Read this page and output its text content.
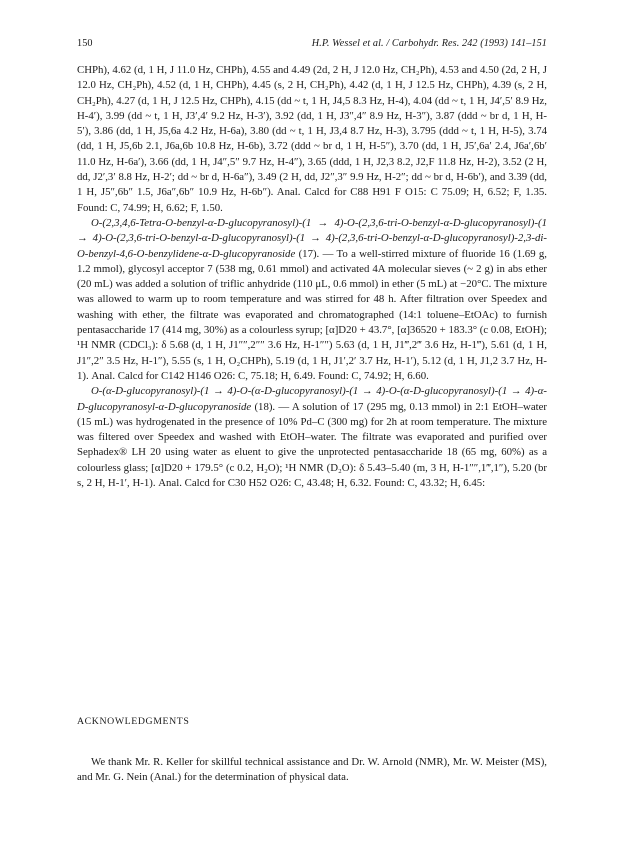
150	H.P. Wessel et al. / Carbohydr. Res. 242 (1993) 141–151

CHPh), 4.62 (d, 1 H, J 11.0 Hz, CHPh), 4.55 and 4.49 (2d, 2 H, J 12.0 Hz, CH₂Ph), 4.53 and 4.50 (2d, 2 H, J 12.0 Hz, CH₂Ph), 4.52 (d, 1 H, CHPh), 4.45 (s, 2 H, CH₂Ph), 4.42 (d, 1 H, J 12.5 Hz, CHPh), 4.39 (s, 2 H, CH₂Ph), 4.27 (d, 1 H, J 12.5 Hz, CHPh), 4.15 (dd ~ t, 1 H, J4,5 8.3 Hz, H-4), 4.04 (dd ~ t, 1 H, J4′,5′ 8.9 Hz, H-4′), 3.99 (dd ~ t, 1 H, J3′,4′ 9.2 Hz, H-3′), 3.92 (dd, 1 H, J3″,4″ 8.9 Hz, H-3″), 3.87 (ddd ~ br d, 1 H, H-5′), 3.86 (dd, 1 H, J5,6a 4.2 Hz, H-6a), 3.80 (dd ~ t, 1 H, J3,4 8.7 Hz, H-3), 3.795 (ddd ~ t, 1 H, H-5), 3.74 (dd, 1 H, J5,6b 2.1, J6a,6b 10.8 Hz, H-6b), 3.72 (ddd ~ br d, 1 H, H-5″), 3.70 (dd, 1 H, J5′,6a′ 2.4, J6a′,6b′ 11.0 Hz, H-6a′), 3.66 (dd, 1 H, J4″,5″ 9.7 Hz, H-4″), 3.65 (ddd, 1 H, J2,3 8.2, J2,F 11.8 Hz, H-2), 3.52 (2 H, dd, J2′,3′ 8.8 Hz, H-2′; dd ~ br d, H-6a″), 3.49 (2 H, dd, J2″,3″ 9.9 Hz, H-2″; dd ~ br d, H-6b′), and 3.39 (dd, 1 H, J5″,6b″ 1.5, J6a″,6b″ 10.9 Hz, H-6b″). Anal. Calcd for C88 H91 F O15: C 75.09; H, 6.52; F, 1.35. Found: C, 74.99; H, 6.62; F, 1.50.

O-(2,3,4,6-Tetra-O-benzyl-α-D-glucopyranosyl)-(1 → 4)-O-(2,3,6-tri-O-benzyl-α-D-glucopyranosyl)-(1 → 4)-O-(2,3,6-tri-O-benzyl-α-D-glucopyranosyl)-(1 → 4)-(2,3,6-tri-O-benzyl-α-D-glucopyranosyl)-2,3-di-O-benzyl-4,6-O-benzylidene-α-D-glucopyranoside (17). — To a well-stirred mixture of fluoride 16 (1.69 g, 1.2 mmol), glycosyl acceptor 7 (538 mg, 0.61 mmol) and activated 4A molecular sieves (~ 2 g) in abs ether (20 mL) was added a solution of triflic anhydride (110 μL, 0.6 mmol) in ether (5 mL) at −20°C. The mixture was allowed to warm up to room temperature and was stirred for 48 h. After filtration over Speedex and washing with ether, the filtrate was evaporated and chromatographed (14:1 toluene–EtOAc) to furnish pentasaccharide 17 (414 mg, 30%) as a colourless syrup; [α]D20 + 43.7°, [α]36520 + 183.3° (c 0.08, EtOH); ¹H NMR (CDCl₃): δ 5.68 (d, 1 H, J1″″,2″″ 3.6 Hz, H-1″″) 5.63 (d, 1 H, J1‴,2‴ 3.6 Hz, H-1‴), 5.61 (d, 1 H, J1″,2″ 3.5 Hz, H-1″), 5.55 (s, 1 H, O₂CHPh), 5.19 (d, 1 H, J1′,2′ 3.7 Hz, H-1′), 5.12 (d, 1 H, J1,2 3.7 Hz, H-1). Anal. Calcd for C142 H146 O26: C, 75.18; H, 6.49. Found: C, 74.92; H, 6.60.

O-(α-D-glucopyranosyl)-(1 → 4)-O-(α-D-glucopyranosyl)-(1 → 4)-O-(α-D-glucopyranosyl)-(1 → 4)-α-D-glucopyranosyl-α-D-glucopyranoside (18). — A solution of 17 (295 mg, 0.13 mmol) in 2:1 EtOH–water (15 mL) was hydrogenated in the presence of 10% Pd–C (300 mg) for 2h at room temperature. The mixture was filtered over Speedex and washed with EtOH–water. The filtrate was evaporated and purified over Sephadex® LH 20 using water as eluent to give the unprotected pentasaccharide 18 (65 mg, 60%) as a colourless glass; [α]D20 + 179.5° (c 0.2, H₂O); ¹H NMR (D₂O): δ 5.43–5.40 (m, 3 H, H-1″″,1‴,1″), 5.20 (br s, 2 H, H-1′, H-1). Anal. Calcd for C30 H52 O26: C, 43.48; H, 6.32. Found: C, 43.32; H, 6.45:

ACKNOWLEDGMENTS

We thank Mr. R. Keller for skillful technical assistance and Dr. W. Arnold (NMR), Mr. W. Meister (MS), and Mr. G. Nein (Anal.) for the determination of physical data.
